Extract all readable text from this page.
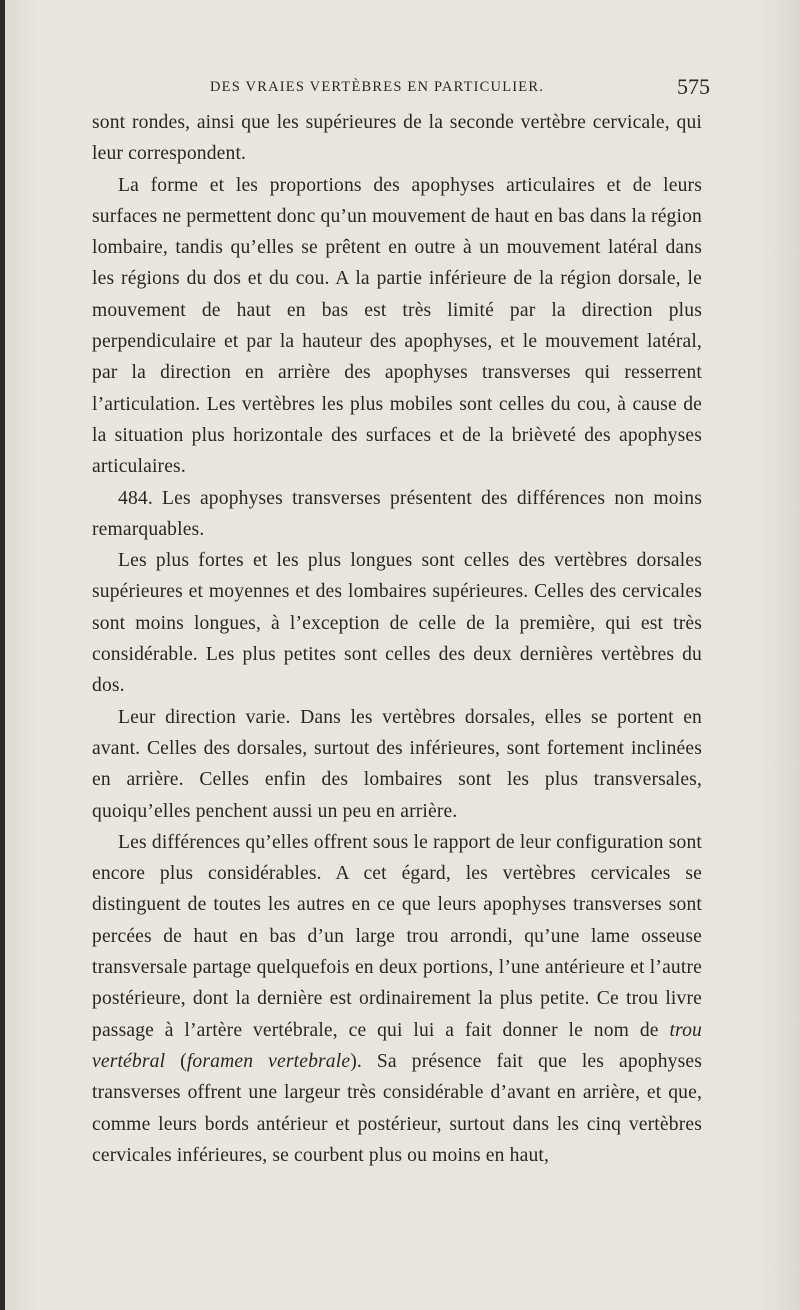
DES VRAIES VERTÈBRES EN PARTICULIER.	575

sont rondes, ainsi que les supérieures de la seconde vertèbre cervicale, qui leur correspondent.

La forme et les proportions des apophyses articulaires et de leurs surfaces ne permettent donc qu’un mouvement de haut en bas dans la région lombaire, tandis qu’elles se prêtent en outre à un mouvement latéral dans les régions du dos et du cou. A la partie inférieure de la région dorsale, le mouvement de haut en bas est très limité par la direction plus perpendiculaire et par la hauteur des apophyses, et le mouvement latéral, par la direction en arrière des apophyses transverses qui resserrent l’articulation. Les vertèbres les plus mobiles sont celles du cou, à cause de la situation plus horizontale des surfaces et de la brièveté des apophyses articulaires.

484. Les apophyses transverses présentent des différences non moins remarquables.

Les plus fortes et les plus longues sont celles des vertèbres dorsales supérieures et moyennes et des lombaires supérieures. Celles des cervicales sont moins longues, à l’exception de celle de la première, qui est très considérable. Les plus petites sont celles des deux dernières vertèbres du dos.

Leur direction varie. Dans les vertèbres dorsales, elles se portent en avant. Celles des dorsales, surtout des inférieures, sont fortement inclinées en arrière. Celles enfin des lombaires sont les plus transversales, quoiqu’elles penchent aussi un peu en arrière.

Les différences qu’elles offrent sous le rapport de leur configuration sont encore plus considérables. A cet égard, les vertèbres cervicales se distinguent de toutes les autres en ce que leurs apophyses transverses sont percées de haut en bas d’un large trou arrondi, qu’une lame osseuse transversale partage quelquefois en deux portions, l’une antérieure et l’autre postérieure, dont la dernière est ordinairement la plus petite. Ce trou livre passage à l’artère vertébrale, ce qui lui a fait donner le nom de trou vertébral (foramen vertebrale). Sa présence fait que les apophyses transverses offrent une largeur très considérable d’avant en arrière, et que, comme leurs bords antérieur et postérieur, surtout dans les cinq vertèbres cervicales inférieures, se courbent plus ou moins en haut,
